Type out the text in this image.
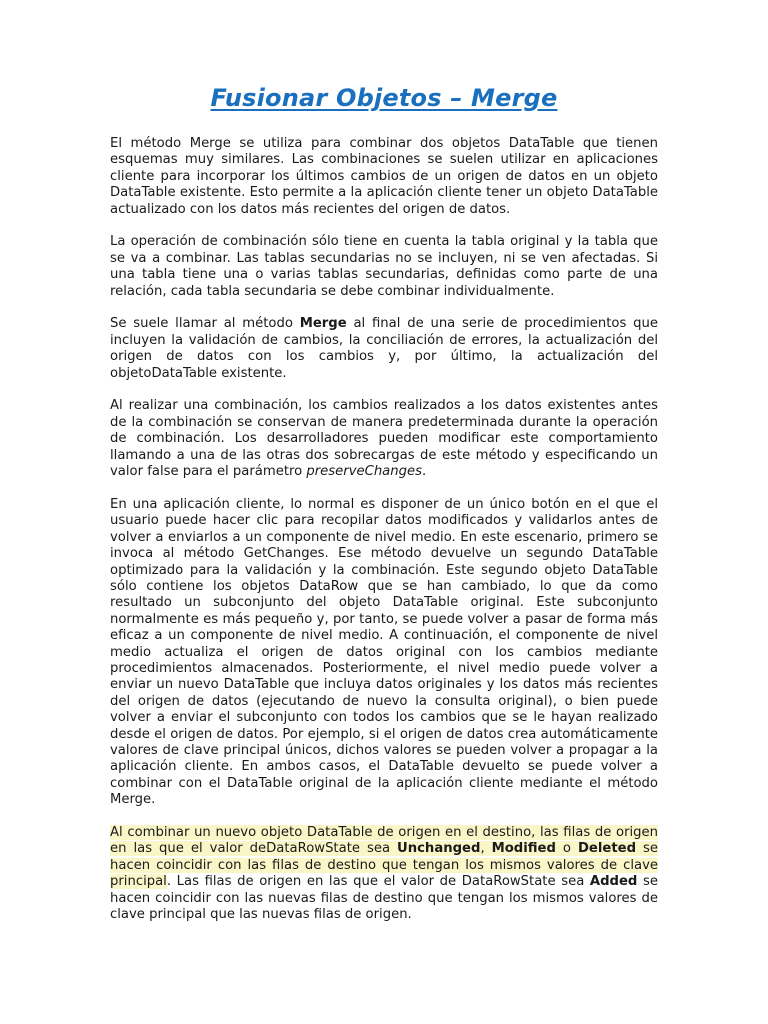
Fusionar Objetos – Merge

El método Merge se utiliza para combinar dos objetos DataTable que tienen esquemas muy similares. Las combinaciones se suelen utilizar en aplicaciones cliente para incorporar los últimos cambios de un origen de datos en un objeto DataTable existente. Esto permite a la aplicación cliente tener un objeto DataTable actualizado con los datos más recientes del origen de datos.

La operación de combinación sólo tiene en cuenta la tabla original y la tabla que se va a combinar. Las tablas secundarias no se incluyen, ni se ven afectadas. Si una tabla tiene una o varias tablas secundarias, definidas como parte de una relación, cada tabla secundaria se debe combinar individualmente.

Se suele llamar al método Merge al final de una serie de procedimientos que incluyen la validación de cambios, la conciliación de errores, la actualización del origen de datos con los cambios y, por último, la actualización del objetoDataTable existente.

Al realizar una combinación, los cambios realizados a los datos existentes antes de la combinación se conservan de manera predeterminada durante la operación de combinación. Los desarrolladores pueden modificar este comportamiento llamando a una de las otras dos sobrecargas de este método y especificando un valor false para el parámetro preserveChanges.

En una aplicación cliente, lo normal es disponer de un único botón en el que el usuario puede hacer clic para recopilar datos modificados y validarlos antes de volver a enviarlos a un componente de nivel medio. En este escenario, primero se invoca al método GetChanges. Ese método devuelve un segundo DataTable optimizado para la validación y la combinación. Este segundo objeto DataTable sólo contiene los objetos DataRow que se han cambiado, lo que da como resultado un subconjunto del objeto DataTable original. Este subconjunto normalmente es más pequeño y, por tanto, se puede volver a pasar de forma más eficaz a un componente de nivel medio. A continuación, el componente de nivel medio actualiza el origen de datos original con los cambios mediante procedimientos almacenados. Posteriormente, el nivel medio puede volver a enviar un nuevo DataTable que incluya datos originales y los datos más recientes del origen de datos (ejecutando de nuevo la consulta original), o bien puede volver a enviar el subconjunto con todos los cambios que se le hayan realizado desde el origen de datos. Por ejemplo, si el origen de datos crea automáticamente valores de clave principal únicos, dichos valores se pueden volver a propagar a la aplicación cliente. En ambos casos, el DataTable devuelto se puede volver a combinar con el DataTable original de la aplicación cliente mediante el método Merge.

Al combinar un nuevo objeto DataTable de origen en el destino, las filas de origen en las que el valor deDataRowState sea Unchanged, Modified o Deleted se hacen coincidir con las filas de destino que tengan los mismos valores de clave principal. Las filas de origen en las que el valor de DataRowState sea Added se hacen coincidir con las nuevas filas de destino que tengan los mismos valores de clave principal que las nuevas filas de origen.
